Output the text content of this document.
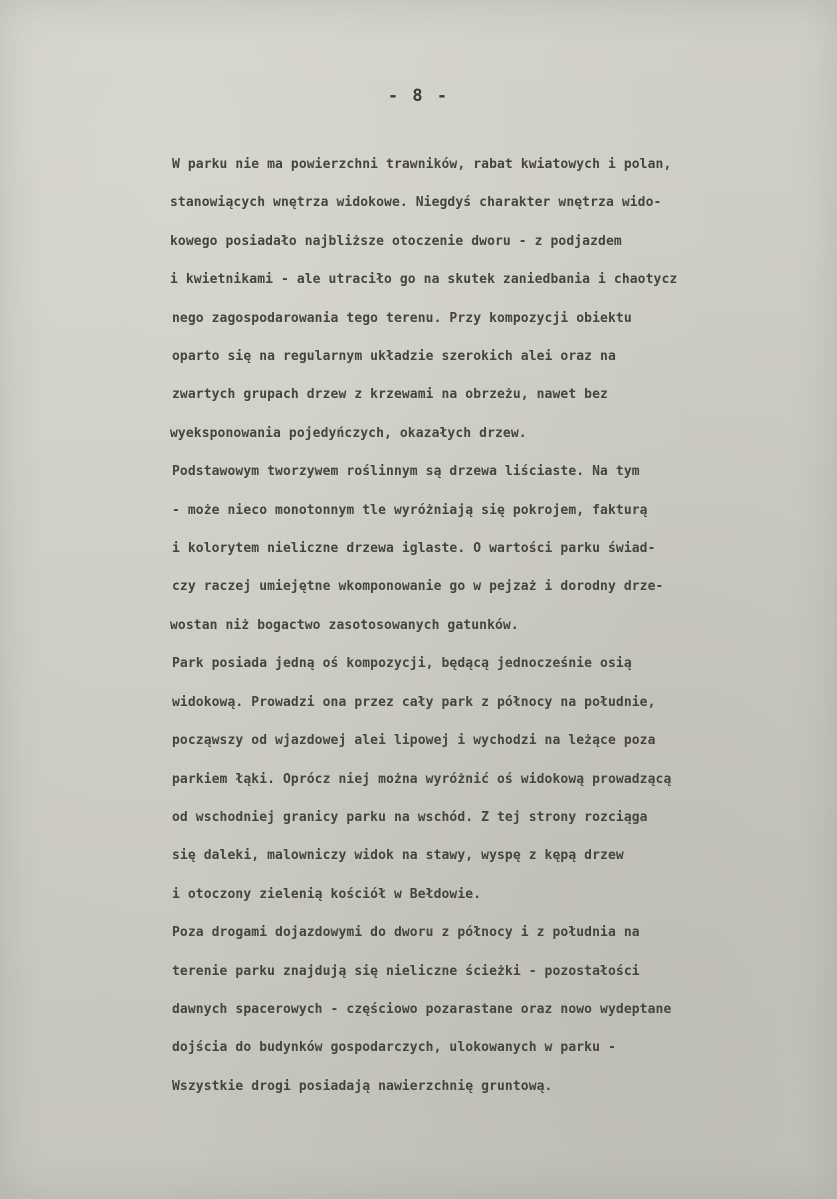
- 8 -
W parku nie ma powierzchni trawników, rabat kwiatowych i polan,
stanowiących wnętrza widokowe. Niegdyś charakter wnętrza wido-
kowego posiadało najbliższe otoczenie dworu - z podjazdem
i kwietnikami - ale utraciło go na skutek zaniedbania i chaotycz
nego zagospodarowania tego terenu. Przy kompozycji obiektu
oparto się na regularnym układzie szerokich alei oraz na
zwartych grupach drzew z krzewami na obrzeżu, nawet bez
wyeksponowania pojedyńczych, okazałych drzew.
Podstawowym tworzywem roślinnym są drzewa liściaste. Na tym
- może nieco monotonnym tle wyróżniają się pokrojem, fakturą
i kolorytem nieliczne drzewa iglaste. O wartości parku świad-
czy raczej umiejętne wkomponowanie go w pejzaż i dorodny drze-
wostan niż bogactwo zasotosowanych gatunków.
Park posiada jedną oś kompozycji, będącą jednocześnie osią
widokową. Prowadzi ona przez cały park z północy na południe,
począwszy od wjazdowej alei lipowej i wychodzi na leżące poza
parkiem łąki. Oprócz niej można wyróżnić oś widokową prowadzącą
od wschodniej granicy parku na wschód. Z tej strony rozciąga
się daleki, malowniczy widok na stawy, wyspę z kępą drzew
i otoczony zielenią kościół w Bełdowie.
Poza drogami dojazdowymi do dworu z północy i z południa na
terenie parku znajdują się nieliczne ścieżki - pozostałości
dawnych spacerowych - częściowo pozarastane oraz nowo wydeptane
dojścia do budynków gospodarczych, ulokowanych w parku -
Wszystkie drogi posiadają nawierzchnię gruntową.
